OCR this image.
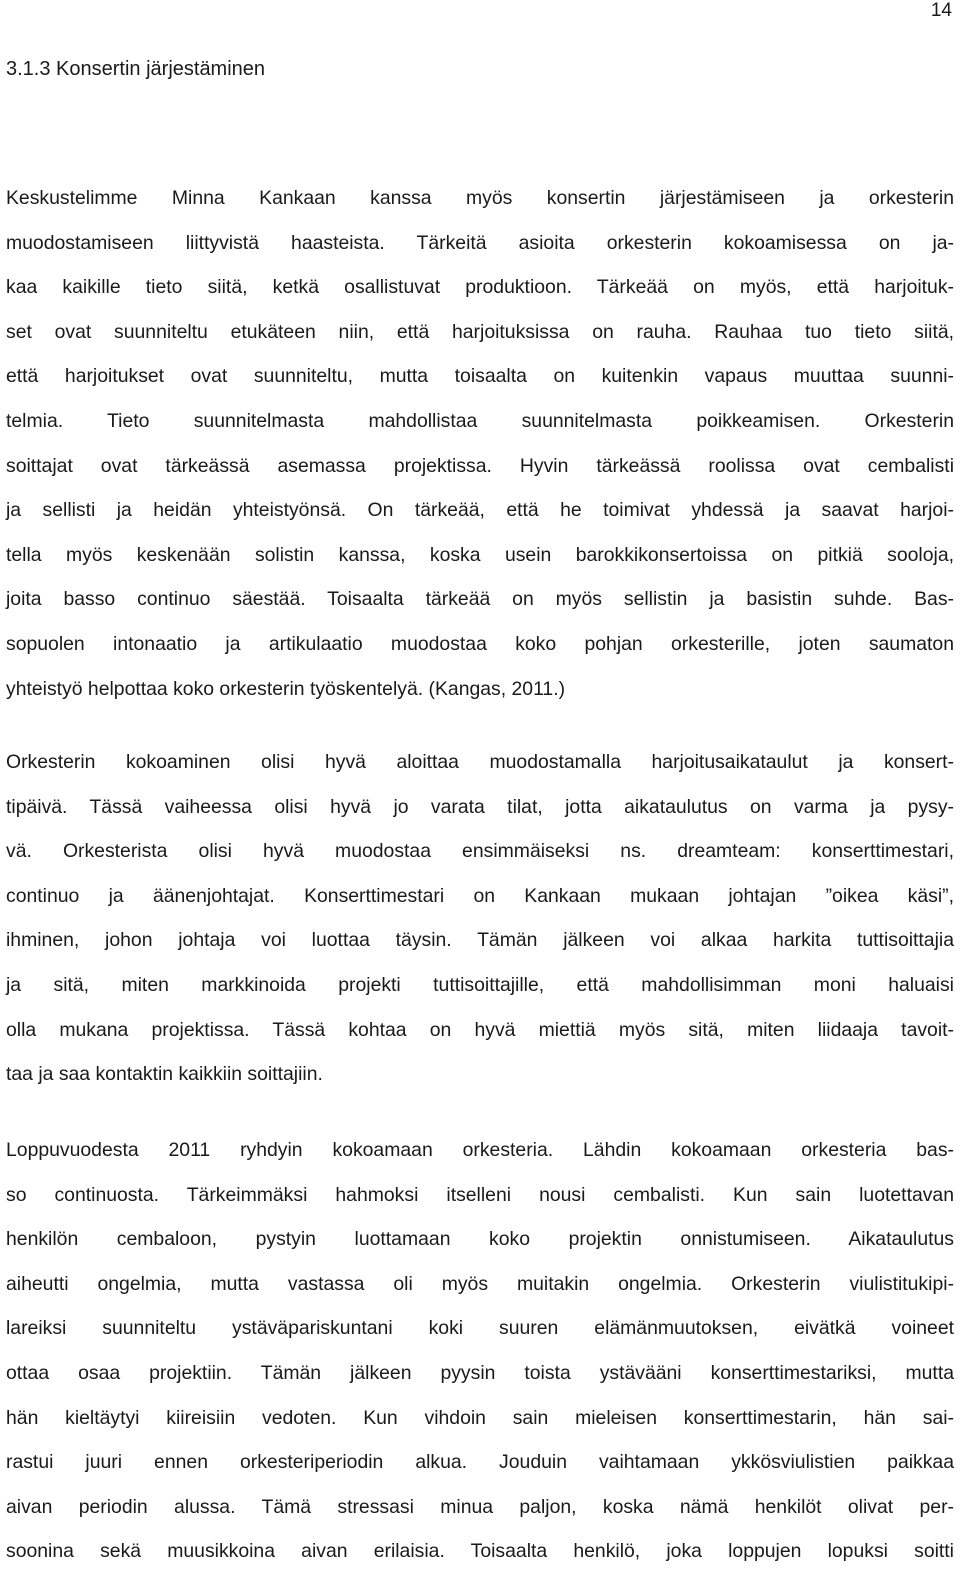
14
3.1.3 Konsertin järjestäminen

Keskustelimme Minna Kankaan kanssa myös konsertin järjestämiseen ja orkesterin
muodostamiseen liittyvistä haasteista. Tärkeitä asioita orkesterin kokoamisessa on ja-
kaa kaikille tieto siitä, ketkä osallistuvat produktioon. Tärkeää on myös, että harjoituk-
set ovat suunniteltu etukäteen niin, että harjoituksissa on rauha. Rauhaa tuo tieto siitä,
että harjoitukset ovat suunniteltu, mutta toisaalta on kuitenkin vapaus muuttaa suunni-
telmia. Tieto suunnitelmasta mahdollistaa suunnitelmasta poikkeamisen. Orkesterin
soittajat ovat tärkeässä asemassa projektissa. Hyvin tärkeässä roolissa ovat cembalisti
ja sellisti ja heidän yhteistyönsä. On tärkeää, että he toimivat yhdessä ja saavat harjoi-
tella myös keskenään solistin kanssa, koska usein barokkikonsertoissa on pitkiä sooloja,
joita basso continuo säestää. Toisaalta tärkeää on myös sellistin ja basistin suhde. Bas-
sopuolen intonaatio ja artikulaatio muodostaa koko pohjan orkesterille, joten saumaton
yhteistyö helpottaa koko orkesterin työskentelyä. (Kangas, 2011.)

Orkesterin kokoaminen olisi hyvä aloittaa muodostamalla harjoitusaikataulut ja konsert-
tipäivä. Tässä vaiheessa olisi hyvä jo varata tilat, jotta aikataulutus on varma ja pysy-
vä. Orkesterista olisi hyvä muodostaa ensimmäiseksi ns. dreamteam: konserttimestari,
continuo ja äänenjohtajat. Konserttimestari on Kankaan mukaan johtajan ”oikea käsi”,
ihminen, johon johtaja voi luottaa täysin. Tämän jälkeen voi alkaa harkita tuttisoittajia
ja sitä, miten markkinoida projekti tuttisoittajille, että mahdollisimman moni haluaisi
olla mukana projektissa. Tässä kohtaa on hyvä miettiä myös sitä, miten liidaaja tavoit-
taa ja saa kontaktin kaikkiin soittajiin.

Loppuvuodesta 2011 ryhdyin kokoamaan orkesteria. Lähdin kokoamaan orkesteria bas-
so continuosta. Tärkeimmäksi hahmoksi itselleni nousi cembalisti. Kun sain luotettavan
henkilön cembaloon, pystyin luottamaan koko projektin onnistumiseen. Aikataulutus
aiheutti ongelmia, mutta vastassa oli myös muitakin ongelmia. Orkesterin viulistitukipi-
lareiksi suunniteltu ystäväpariskuntani koki suuren elämänmuutoksen, eivätkä voineet
ottaa osaa projektiin. Tämän jälkeen pyysin toista ystävääni konserttimestariksi, mutta
hän kieltäytyi kiireisiin vedoten. Kun vihdoin sain mieleisen konserttimestarin, hän sai-
rastui juuri ennen orkesteriperiodin alkua. Jouduin vaihtamaan ykkösviulistien paikkaa
aivan periodin alussa. Tämä stressasi minua paljon, koska nämä henkilöt olivat per-
soonina sekä muusikkoina aivan erilaisia. Toisaalta henkilö, joka loppujen lopuksi soitti
